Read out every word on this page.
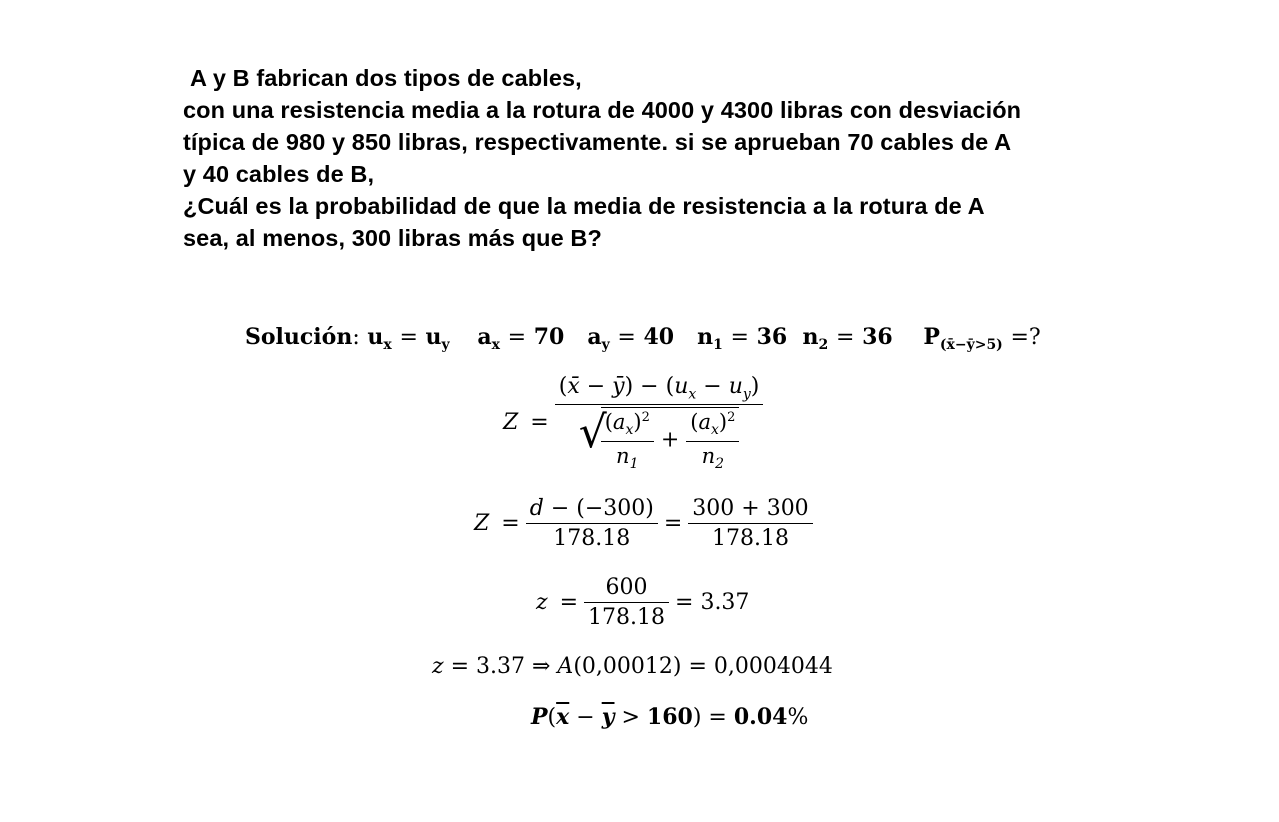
A y B fabrican dos tipos de cables,
con una resistencia media a la rotura de 4000 y 4300 libras con desviación
típica de 980 y 850 libras, respectivamente. si se aprueban 70 cables de A
y 40 cables de B,
¿Cuál es la probabilidad de que la media de resistencia a la rotura de A
sea, al menos, 300 libras más que B?
Solución: $u_x = u_y$ $a_x = 70$   $a_y = 40$   $n_1 = 36$  $n_2 = 36$    $P_{(x̄-ȳ>5)}$ =?
Z = (x̄ − ȳ) − $(u_x - u_y)$
√
$\frac{(a_x)^2}{n_1} + \frac{(a_x)^2}{n_2}$
$Z = \frac{d - (-300)}{178.18} = \frac{300 + 300}{178.18}$
$z = \frac{600}{178.18} = 3.37$
z = 3.37 ⇒ A(0,00012) = 0,0004044
$P(\overline{x} - \overline{y} > 160) = 0.04\%$
